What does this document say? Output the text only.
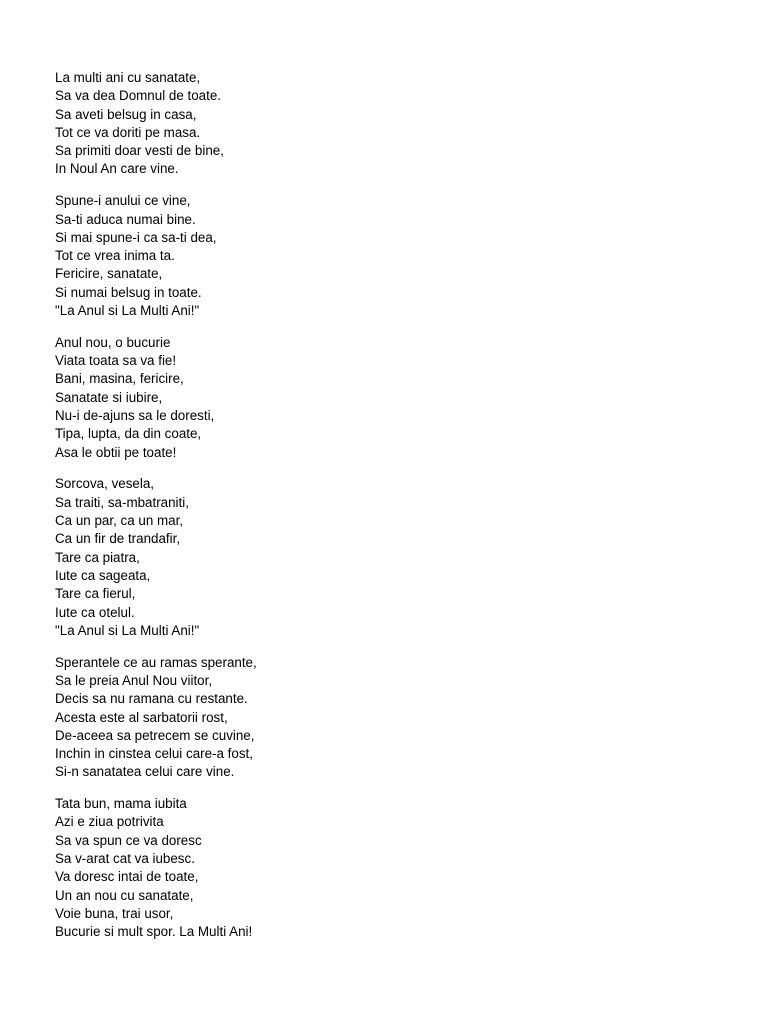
La multi ani cu sanatate,
Sa va dea Domnul de toate.
Sa aveti belsug in casa,
Tot ce va doriti pe masa.
Sa primiti doar vesti de bine,
In Noul An care vine.
Spune-i anului ce vine,
Sa-ti aduca numai bine.
Si mai spune-i ca sa-ti dea,
Tot ce vrea inima ta.
Fericire, sanatate,
Si numai belsug in toate.
"La Anul si La Multi Ani!"
Anul nou, o bucurie
Viata toata sa va fie!
Bani, masina, fericire,
Sanatate si iubire,
Nu-i de-ajuns sa le doresti,
Tipa, lupta, da din coate,
Asa le obtii pe toate!
Sorcova, vesela,
Sa traiti, sa-mbatraniti,
Ca un par, ca un mar,
Ca un fir de trandafir,
Tare ca piatra,
Iute ca sageata,
Tare ca fierul,
Iute ca otelul.
"La Anul si La Multi Ani!"
Sperantele ce au ramas sperante,
Sa le preia Anul Nou viitor,
Decis sa nu ramana cu restante.
Acesta este al sarbatorii rost,
De-aceea sa petrecem se cuvine,
Inchin in cinstea celui care-a fost,
Si-n sanatatea celui care vine.
Tata bun, mama iubita
Azi e ziua potrivita
Sa va spun ce va doresc
Sa v-arat cat va iubesc.
Va doresc intai de toate,
Un an nou cu sanatate,
Voie buna, trai usor,
Bucurie si mult spor. La Multi Ani!
